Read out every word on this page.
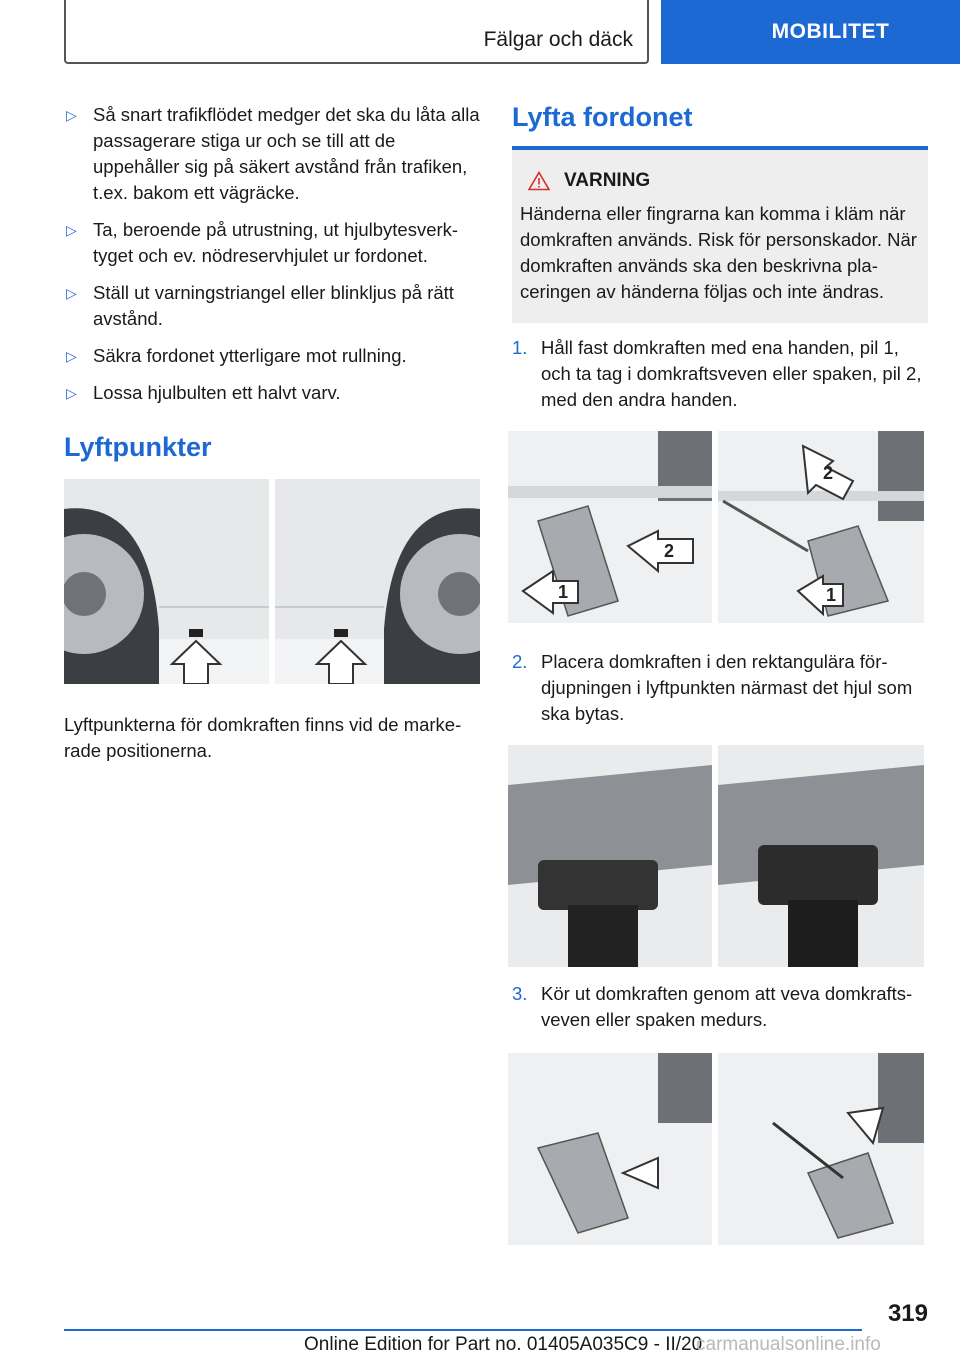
Fälgar och däck	MOBILITET
▷ Så snart trafikflödet medger det ska du låta alla passagerare stiga ur och se till att de uppehåller sig på säkert avstånd från trafiken, t.ex. bakom ett vägräcke.
▷ Ta, beroende på utrustning, ut hjulbytesverktyget och ev. nödreservhjulet ur fordonet.
▷ Ställ ut varningstriangel eller blinkljus på rätt avstånd.
▷ Säkra fordonet ytterligare mot rullning.
▷ Lossa hjulbulten ett halvt varv.
Lyftpunkter

Lyftpunkterna för domkraften finns vid de markerade positionerna.

Lyfta fordonet
VARNING

Händerna eller fingrarna kan komma i kläm när domkraften används. Risk för personskador. När domkraften används ska den beskrivna placeringen av händerna följas och inte ändras.

1. Håll fast domkraften med ena handen, pil 1, och ta tag i domkraftsveven eller spaken, pil 2, med den andra handen.
1
2
2
1
2. Placera domkraften i den rektangulära fördjupningen i lyftpunkten närmast det hjul som ska bytas.
3. Kör ut domkraften genom att veva domkraftsveven eller spaken medurs.
319
Online Edition for Part no. 01405A035C9 - II/20
carmanualsonline.info
